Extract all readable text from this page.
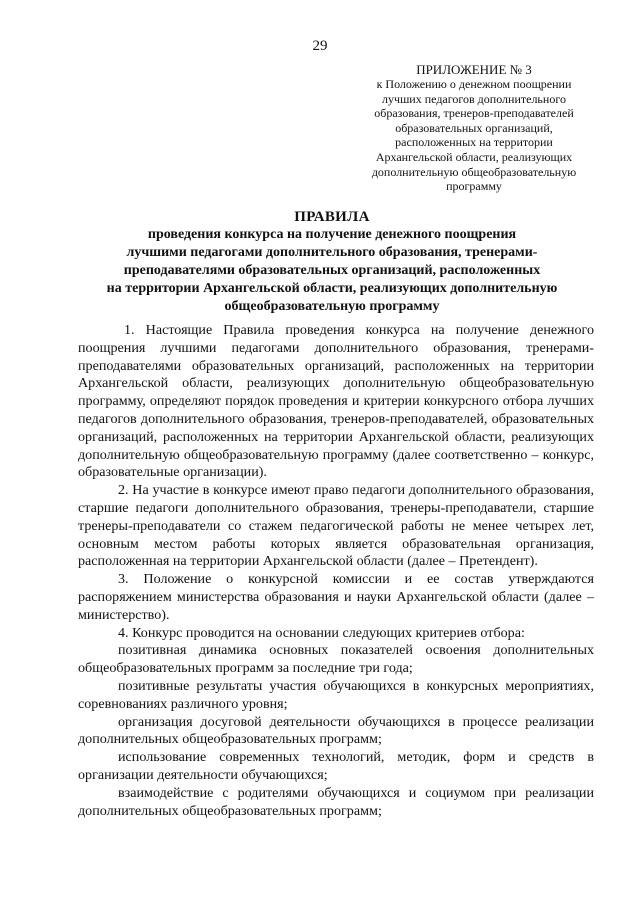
29
ПРИЛОЖЕНИЕ № 3
к Положению о денежном поощрении
лучших педагогов дополнительного
образования, тренеров-преподавателей
образовательных организаций,
расположенных на территории
Архангельской области, реализующих
дополнительную общеобразовательную
программу
ПРАВИЛА
проведения конкурса на получение денежного поощрения
лучшими педагогами дополнительного образования, тренерами-
преподавателями образовательных организаций, расположенных
на территории Архангельской области, реализующих дополнительную
общеобразовательную программу

1. Настоящие Правила проведения конкурса на получение денежного поощрения лучшими педагогами дополнительного образования, тренерами-преподавателями образовательных организаций, расположенных на территории Архангельской области, реализующих дополнительную общеобразовательную программу, определяют порядок проведения и критерии конкурсного отбора лучших педагогов дополнительного образования, тренеров-преподавателей, образовательных организаций, расположенных на территории Архангельской области, реализующих дополнительную общеобразовательную программу (далее соответственно – конкурс, образовательные организации).

2. На участие в конкурсе имеют право педагоги дополнительного образования, старшие педагоги дополнительного образования, тренеры-преподаватели, старшие тренеры-преподаватели со стажем педагогической работы не менее четырех лет, основным местом работы которых является образовательная организация, расположенная на территории Архангельской области (далее – Претендент).

3. Положение о конкурсной комиссии и ее состав утверждаются распоряжением министерства образования и науки Архангельской области (далее – министерство).

4. Конкурс проводится на основании следующих критериев отбора:

позитивная динамика основных показателей освоения дополнительных общеобразовательных программ за последние три года;

позитивные результаты участия обучающихся в конкурсных мероприятиях, соревнованиях различного уровня;

организация досуговой деятельности обучающихся в процессе реализации дополнительных общеобразовательных программ;

использование современных технологий, методик, форм и средств в организации деятельности обучающихся;

взаимодействие с родителями обучающихся и социумом при реализации дополнительных общеобразовательных программ;
